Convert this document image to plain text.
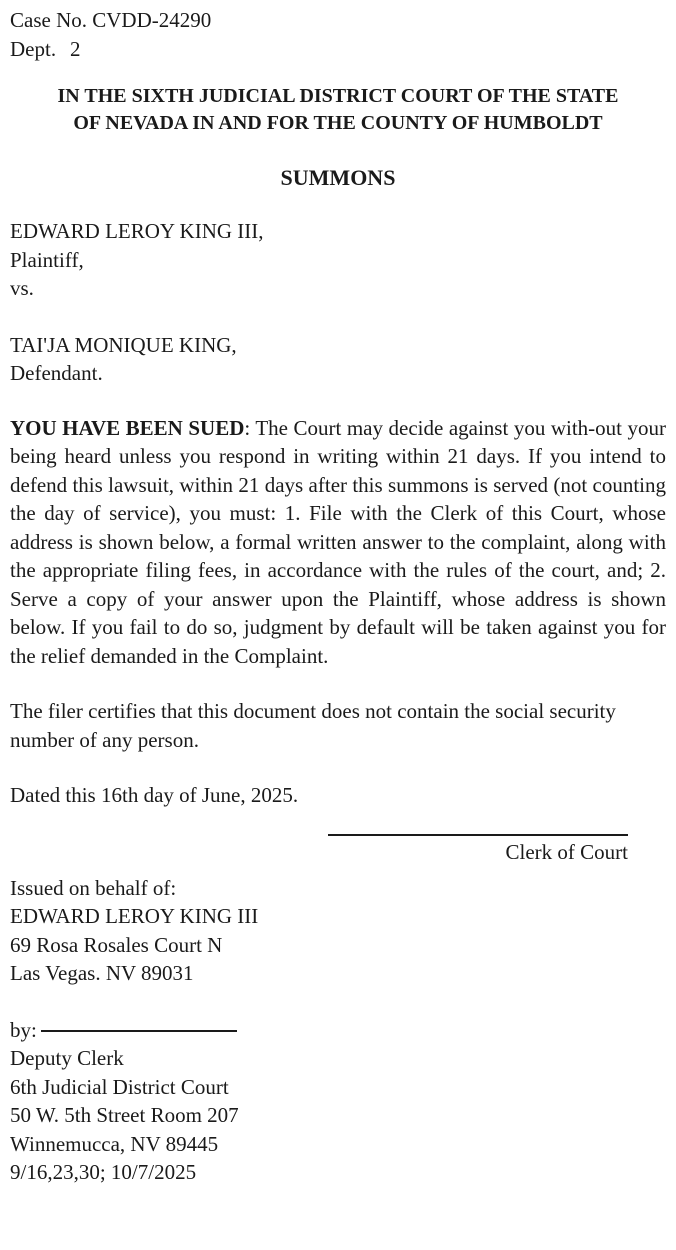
Case No. CVDD-24290
Dept. 2
IN THE SIXTH JUDICIAL DISTRICT COURT OF THE STATE
OF NEVADA IN AND FOR THE COUNTY OF HUMBOLDT
SUMMONS
EDWARD LEROY KING III,
Plaintiff,
vs.
TAI'JA MONIQUE KING,
Defendant.

YOU HAVE BEEN SUED: The Court may decide against you with-out your being heard unless you respond in writing within 21 days. If you intend to defend this lawsuit, within 21 days after this summons is served (not counting the day of service), you must: 1. File with the Clerk of this Court, whose address is shown below, a formal written answer to the complaint, along with the appropriate filing fees, in accordance with the rules of the court, and; 2. Serve a copy of your answer upon the Plaintiff, whose address is shown below. If you fail to do so, judgment by default will be taken against you for the relief demanded in the Complaint.

The filer certifies that this document does not contain the social security number of any person.

Dated this 16th day of June, 2025.

Clerk of Court
Issued on behalf of:
EDWARD LEROY KING III
69 Rosa Rosales Court N
Las Vegas. NV 89031
by:
Deputy Clerk
6th Judicial District Court
50 W. 5th Street Room 207
Winnemucca, NV 89445
9/16,23,30; 10/7/2025
